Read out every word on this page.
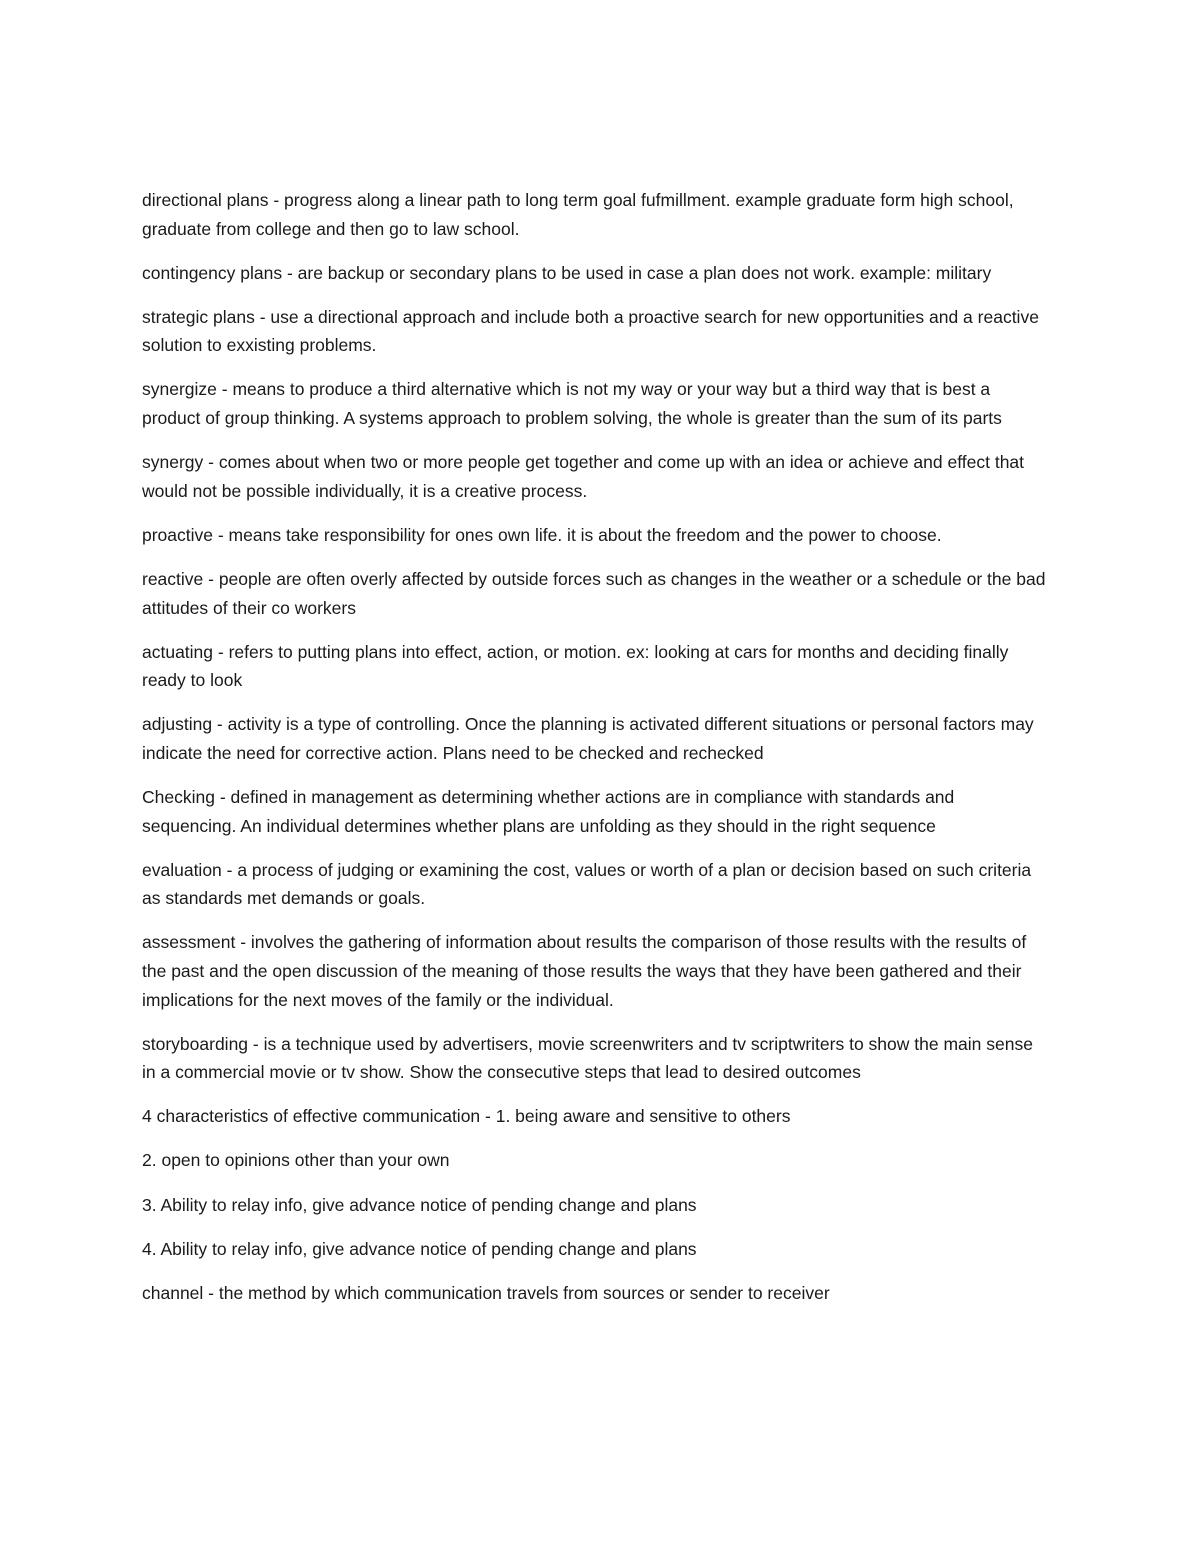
directional plans - progress along a linear path to long term goal fufmillment. example graduate form high school, graduate from college and then go to law school.

contingency plans - are backup or secondary plans to be used in case a plan does not work. example: military

strategic plans - use a directional approach and include both a proactive search for new opportunities and a reactive solution to exxisting problems.

synergize - means to produce a third alternative which is not my way or your way but a third way that is best a product of group thinking. A systems approach to problem solving, the whole is greater than the sum of its parts

synergy - comes about when two or more people get together and come up with an idea or achieve and effect that would not be possible individually, it is a creative process.

proactive - means take responsibility for ones own life. it is about the freedom and the power to choose.

reactive - people are often overly affected by outside forces such as changes in the weather or a schedule or the bad attitudes of their co workers

actuating - refers to putting plans into effect, action, or motion. ex: looking at cars for months and deciding finally ready to look

adjusting - activity is a type of controlling. Once the planning is activated different situations or personal factors may indicate the need for corrective action. Plans need to be checked and rechecked

Checking - defined in management as determining whether actions are in compliance with standards and sequencing. An individual determines whether plans are unfolding as they should in the right sequence

evaluation - a process of judging or examining the cost, values or worth of a plan or decision based on such criteria as standards met demands or goals.

assessment - involves the gathering of information about results the comparison of those results with the results of the past and the open discussion of the meaning of those results the ways that they have been gathered and their implications for the next moves of the family or the individual.

storyboarding - is a technique used by advertisers, movie screenwriters and tv scriptwriters to show the main sense in a commercial movie or tv show. Show the consecutive steps that lead to desired outcomes

4 characteristics of effective communication - 1. being aware and sensitive to others

2. open to opinions other than your own

3. Ability to relay info, give advance notice of pending change and plans

4. Ability to relay info, give advance notice of pending change and plans

channel - the method by which communication travels from sources or sender to receiver
